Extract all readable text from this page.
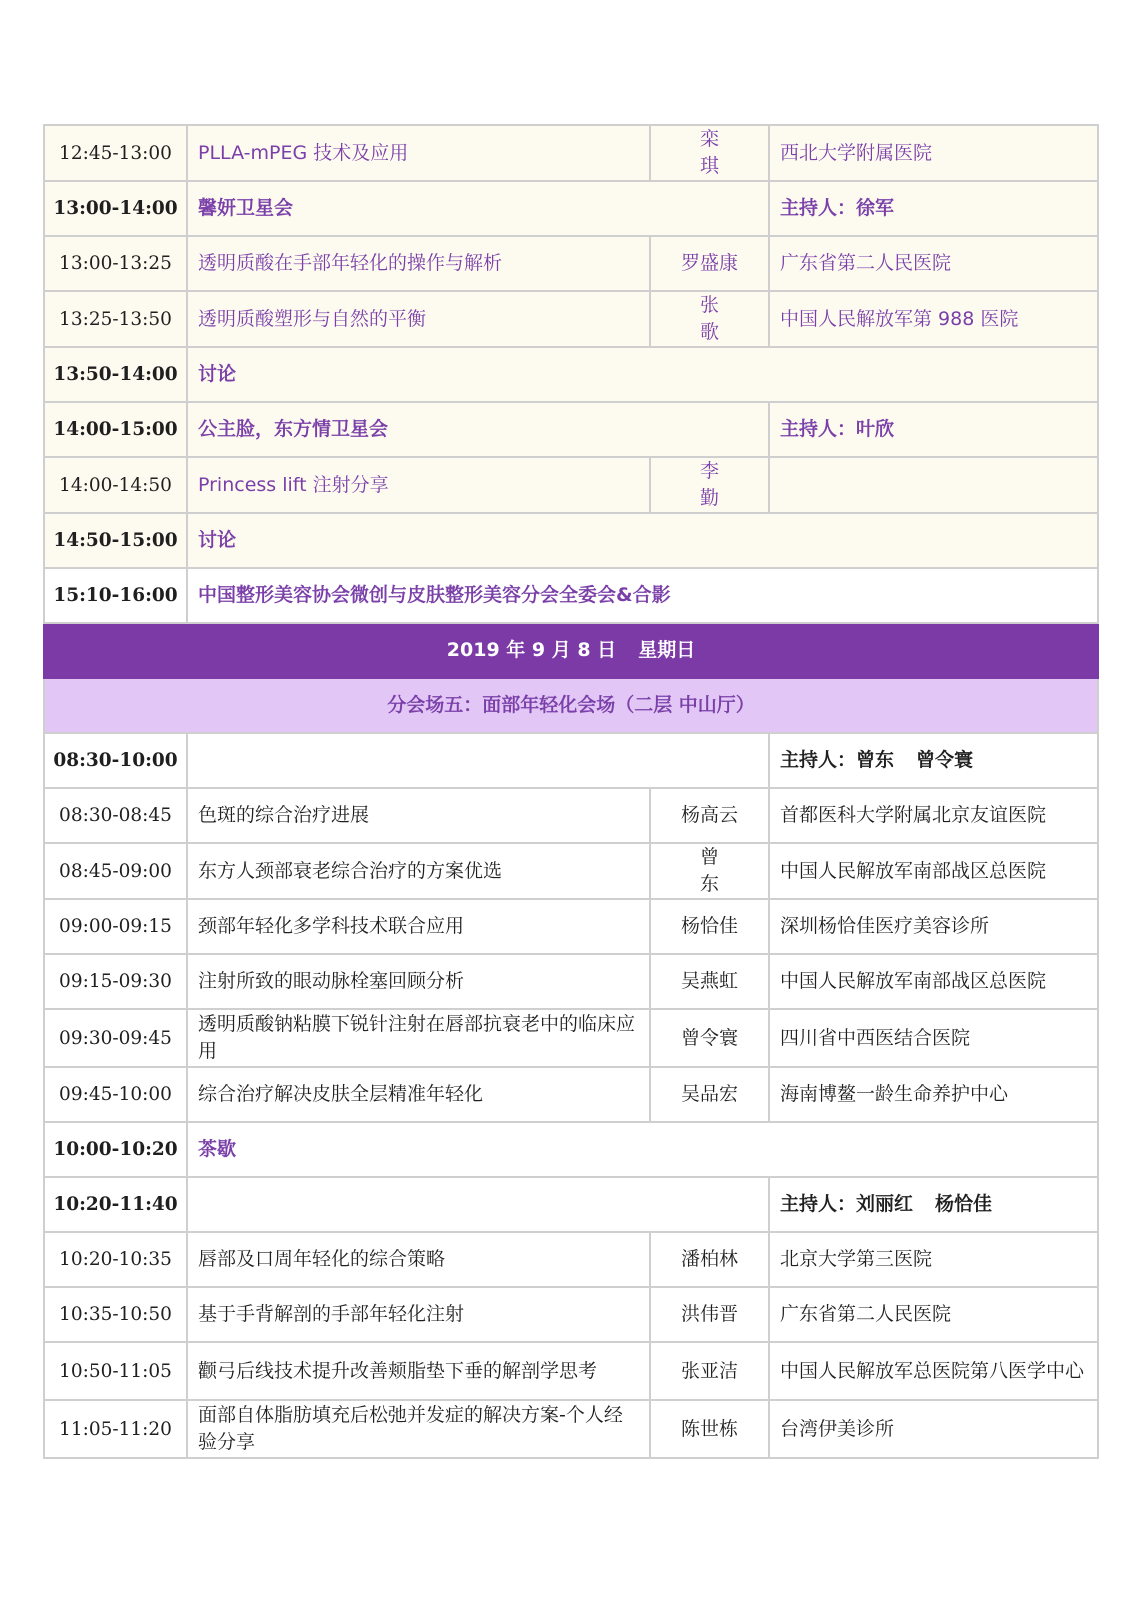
12:45-13:00	PLLA-mPEG 技术及应用	栾 琪	西北大学附属医院
13:00-14:00	馨妍卫星会		主持人：徐军
13:00-13:25	透明质酸在手部年轻化的操作与解析	罗盛康	广东省第二人民医院
13:25-13:50	透明质酸塑形与自然的平衡	张 歌	中国人民解放军第 988 医院
13:50-14:00	讨论		
14:00-15:00	公主脸，东方情卫星会		主持人：叶欣
14:00-14:50	Princess lift 注射分享	李 勤	
14:50-15:00	讨论		
15:10-16:00	中国整形美容协会微创与皮肤整形美容分会全委会&合影		
2019 年 9 月 8 日 星期日			
分会场五：面部年轻化会场（二层 中山厅）			
08:30-10:00			主持人：曾东 曾令寰
08:30-08:45	色斑的综合治疗进展	杨高云	首都医科大学附属北京友谊医院
08:45-09:00	东方人颈部衰老综合治疗的方案优选	曾 东	中国人民解放军南部战区总医院
09:00-09:15	颈部年轻化多学科技术联合应用	杨恰佳	深圳杨恰佳医疗美容诊所
09:15-09:30	注射所致的眼动脉栓塞回顾分析	吴燕虹	中国人民解放军南部战区总医院
09:30-09:45	透明质酸钠粘膜下锐针注射在唇部抗衰老中的临床应用	曾令寰	四川省中西医结合医院
09:45-10:00	综合治疗解决皮肤全层精准年轻化	吴品宏	海南博鳌一龄生命养护中心
10:00-10:20	茶歇		
10:20-11:40			主持人：刘丽红 杨恰佳
10:20-10:35	唇部及口周年轻化的综合策略	潘柏林	北京大学第三医院
10:35-10:50	基于手背解剖的手部年轻化注射	洪伟晋	广东省第二人民医院
10:50-11:05	颧弓后线技术提升改善颊脂垫下垂的解剖学思考	张亚洁	中国人民解放军总医院第八医学中心
11:05-11:20	面部自体脂肪填充后松弛并发症的解决方案-个人经验分享	陈世栋	台湾伊美诊所
